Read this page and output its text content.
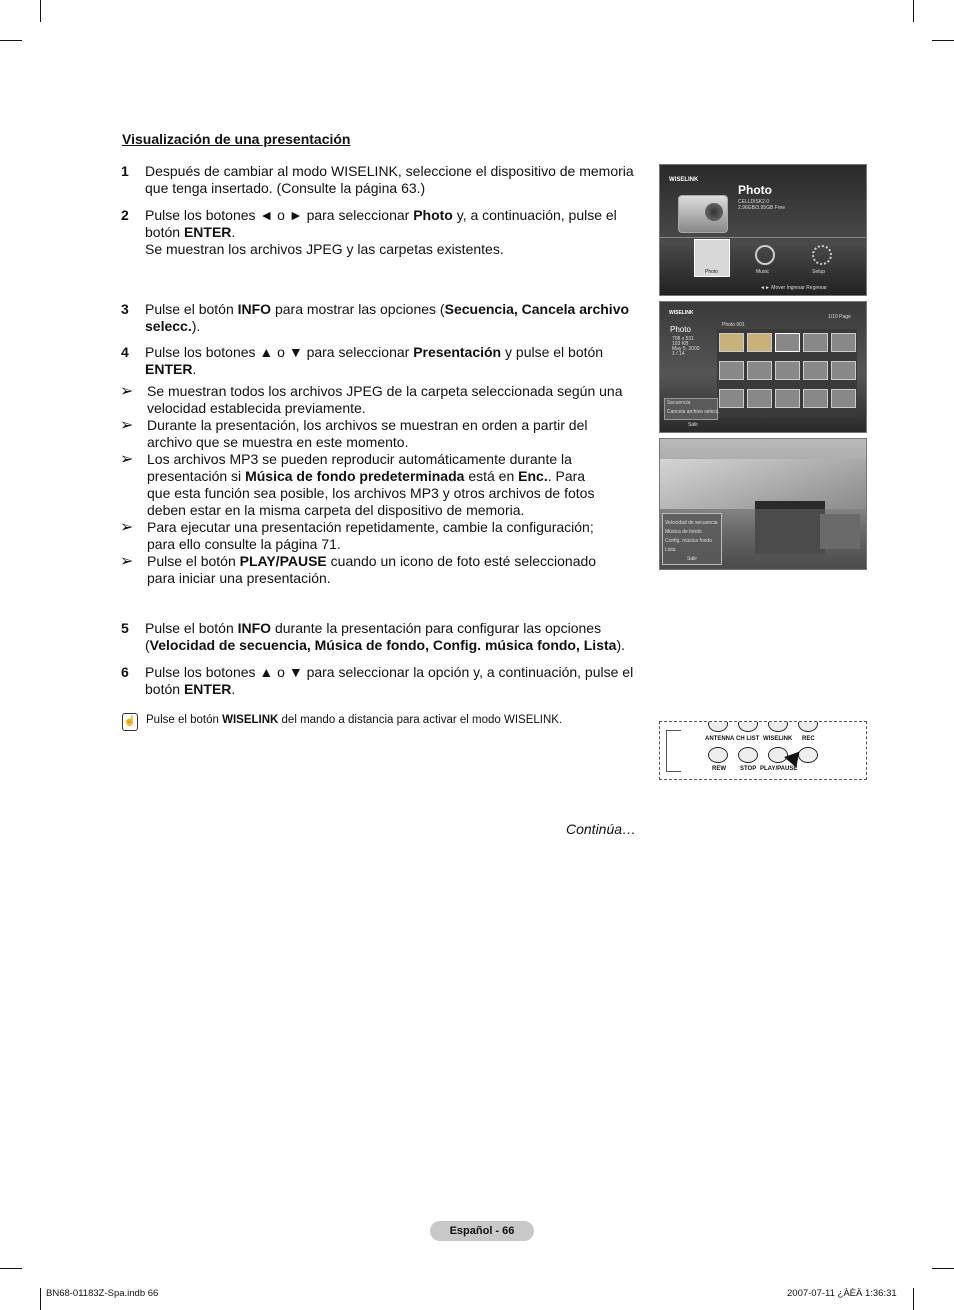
Visualización de una presentación
1	Después de cambiar al modo WISELINK, seleccione el dispositivo de memoria
que tenga insertado. (Consulte la página 63.)
2	Pulse los botones ◄ o ► para seleccionar Photo y, a continuación, pulse el
botón ENTER.
Se muestran los archivos JPEG y las carpetas existentes.
3	Pulse el botón INFO para mostrar las opciones (Secuencia, Cancela archivo
selecc.).
4	Pulse los botones ▲ o ▼ para seleccionar Presentación y pulse el botón
ENTER.
➢ Se muestran todos los archivos JPEG de la carpeta seleccionada según una velocidad establecida previamente.
➢ Durante la presentación, los archivos se muestran en orden a partir del archivo que se muestra en este momento.
➢ Los archivos MP3 se pueden reproducir automáticamente durante la presentación si Música de fondo predeterminada está en Enc.. Para que esta función sea posible, los archivos MP3 y otros archivos de fotos deben estar en la misma carpeta del dispositivo de memoria.
➢ Para ejecutar una presentación repetidamente, cambie la configuración; para ello consulte la página 71.
➢ Pulse el botón PLAY/PAUSE cuando un icono de foto esté seleccionado para iniciar una presentación.
5	Pulse el botón INFO durante la presentación para configurar las opciones
(Velocidad de secuencia, Música de fondo, Config. música fondo, Lista).
6	Pulse los botones ▲ o ▼ para seleccionar la opción y, a continuación, pulse el
botón ENTER.
☝ Pulse el botón WISELINK del mando a distancia para activar el modo WISELINK.
Continúa…
WISELINK
Photo
CELLDISK2.0
2.96GB/3.95GB Free
Photo	Music	Setup
◄► Mover Ingresar Regresar
WISELINK
1/10 Page
Photo
708 x 531
103 KB
May 5, 2000
1 / 14
Photo 001
Secuencia
Cancela archivo selecc.
Salir
Velocidad de secuencia
Música de fondo
Config. música fondo
Lista
Salir
ANTENNA CH LIST WISELINK REC
REW STOP PLAY/PAUSE
Español - 66
BN68-01183Z-Spa.indb 66	2007-07-11 ¿ÀÈÄ 1:36:31
